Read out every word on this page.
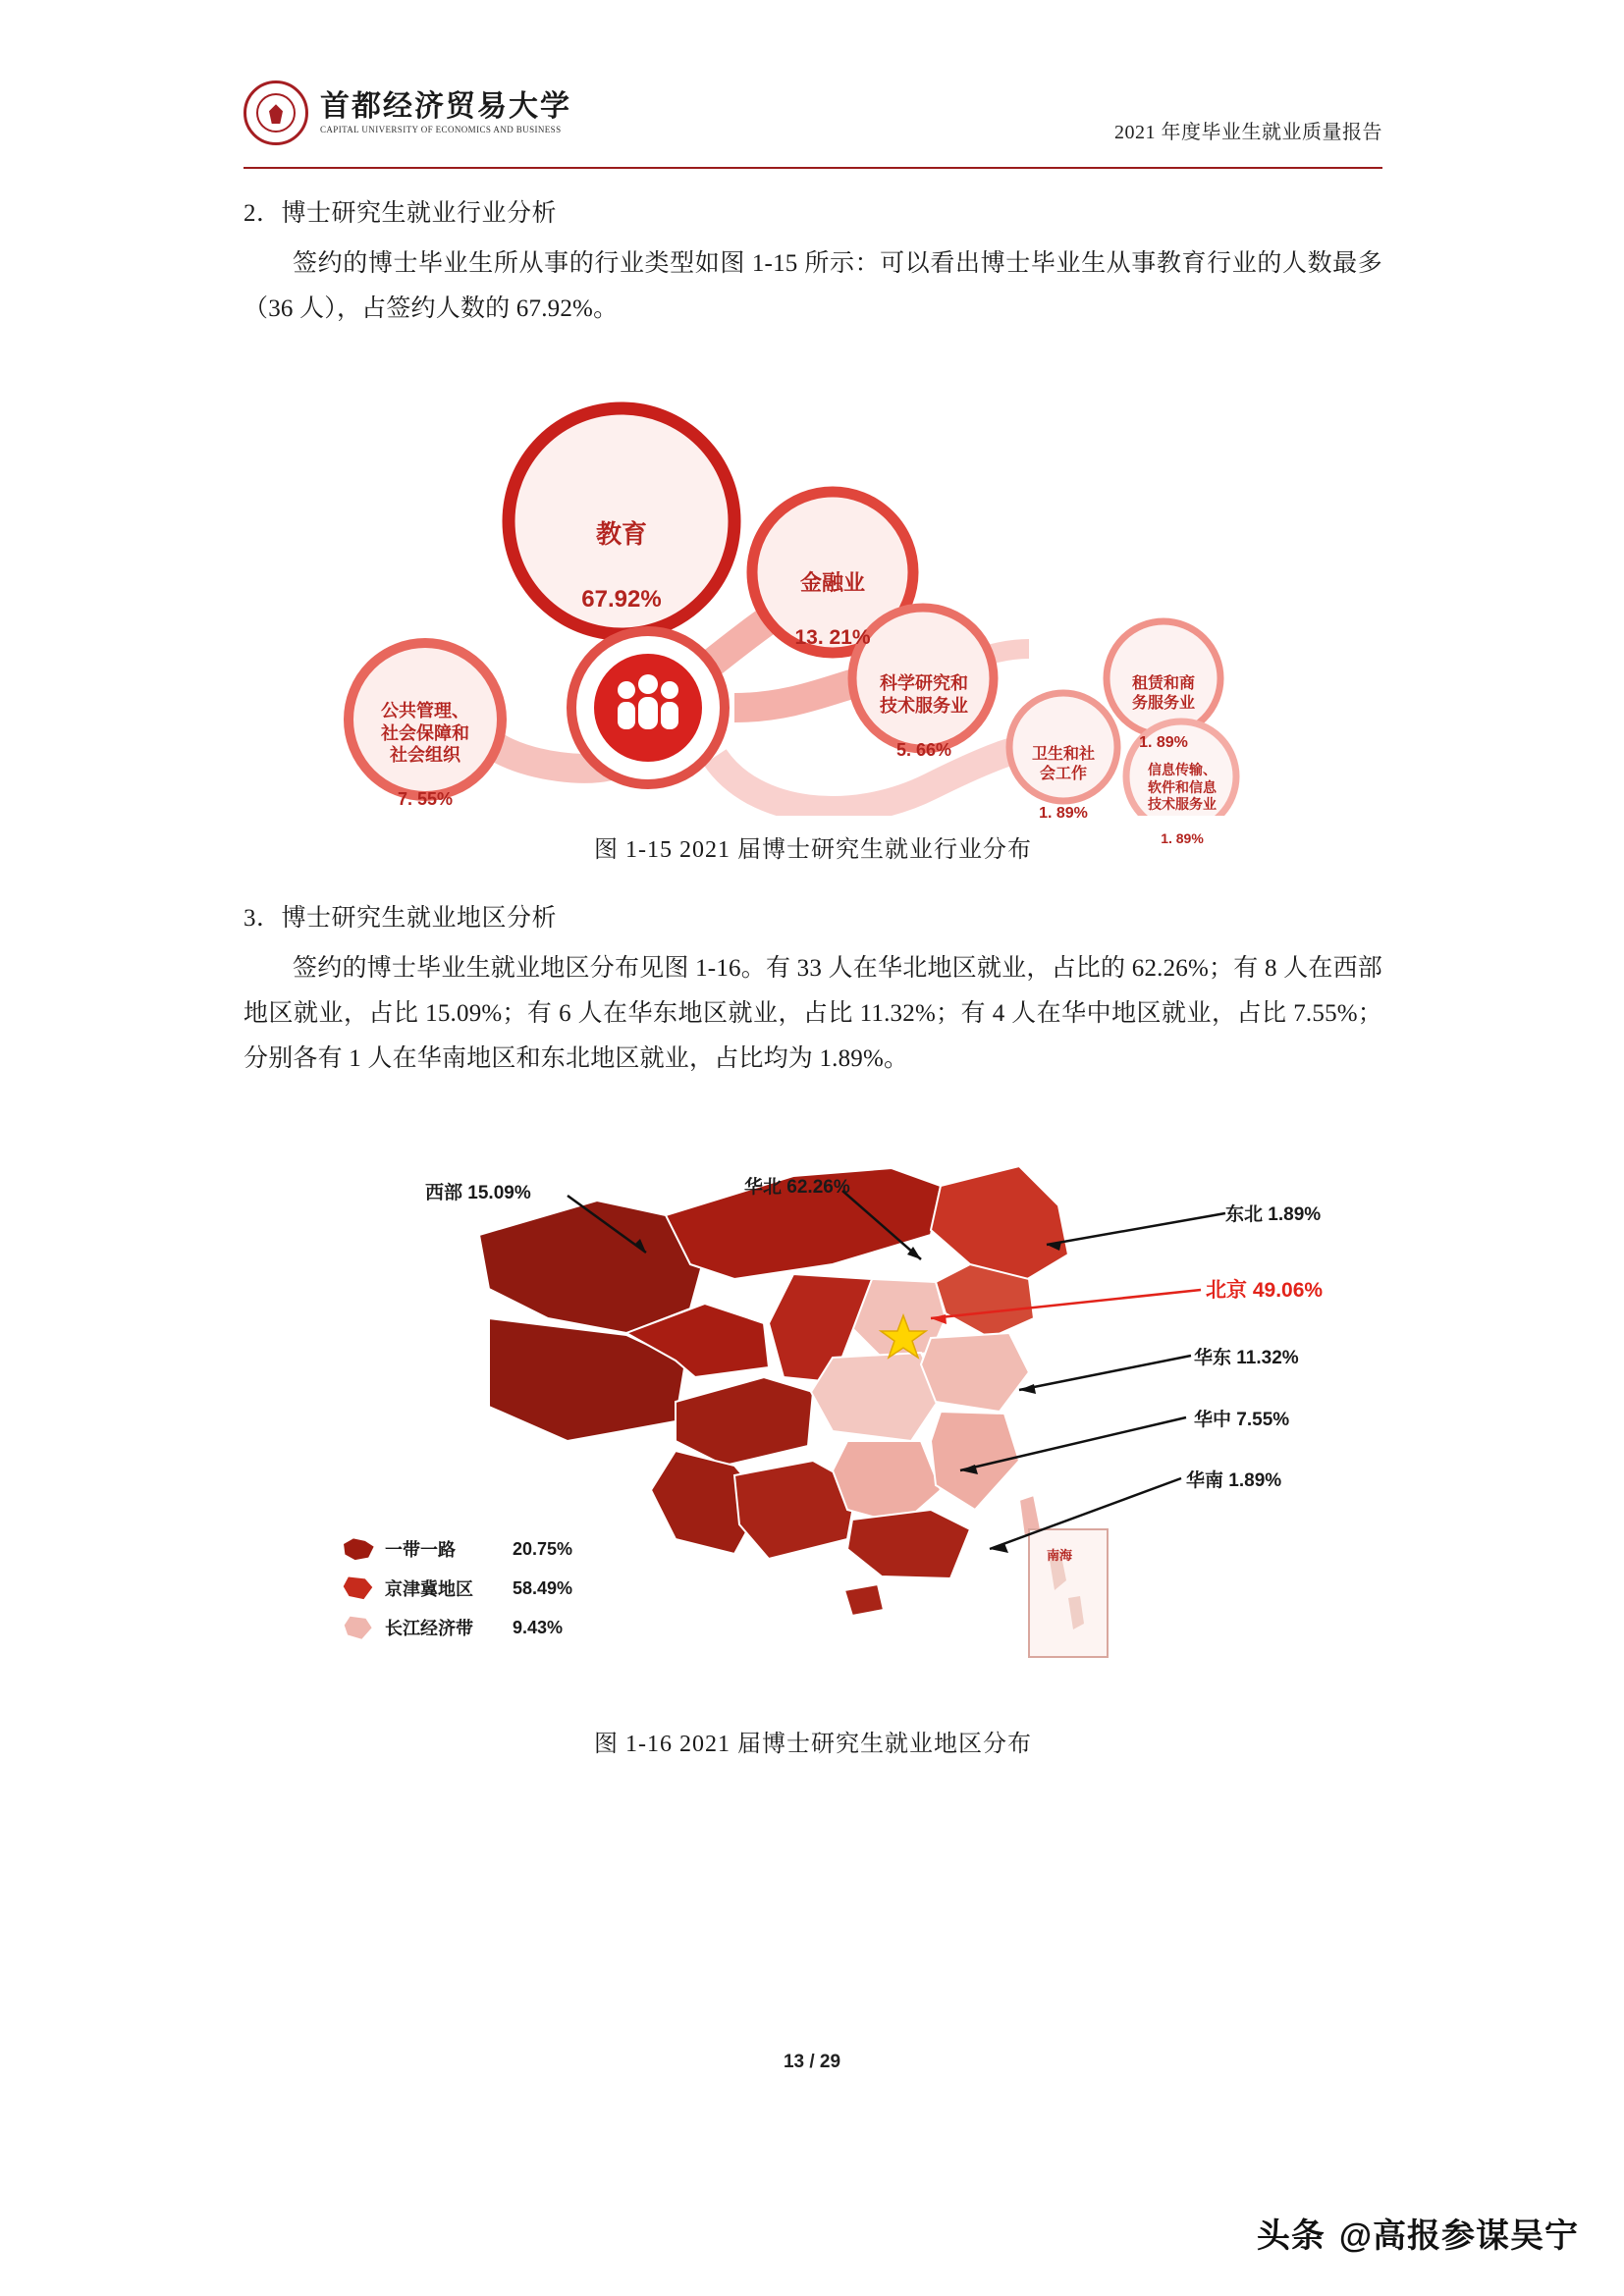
首都经济贸易大学
CAPITAL UNIVERSITY OF ECONOMICS AND BUSINESS	2021 年度毕业生就业质量报告
2．博士研究生就业行业分析
签约的博士毕业生所从事的行业类型如图 1-15 所示：可以看出博士毕业生从事教育行业的人数最多（36 人），占签约人数的 67.92%。

教育

67.92%

金融业

13. 21%

公共管理、
社会保障和
社会组织

7. 55%

科学研究和
技术服务业

5. 66%	卫生和社
会工作

1. 89%

租赁和商
务服务业

1. 89%

信息传输、
软件和信息
技术服务业

1. 89%

图 1-15 2021 届博士研究生就业行业分布
3．博士研究生就业地区分析
签约的博士毕业生就业地区分布见图 1-16。有 33 人在华北地区就业，占比的 62.26%；有 8 人在西部地区就业，占比 15.09%；有 6 人在华东地区就业，占比 11.32%；有 4 人在华中地区就业，占比 7.55%；分别各有 1 人在华南地区和东北地区就业，占比均为 1.89%。
西部 15.09%	华北 62.26%
东北 1.89%
北京 49.06%
华东 11.32%
华中 7.55%
华南 1.89%
南海
一带一路	20.75%
京津冀地区	58.49%
长江经济带	9.43%
图 1-16 2021 届博士研究生就业地区分布
13 / 29
头条 @高报参谋吴宁
